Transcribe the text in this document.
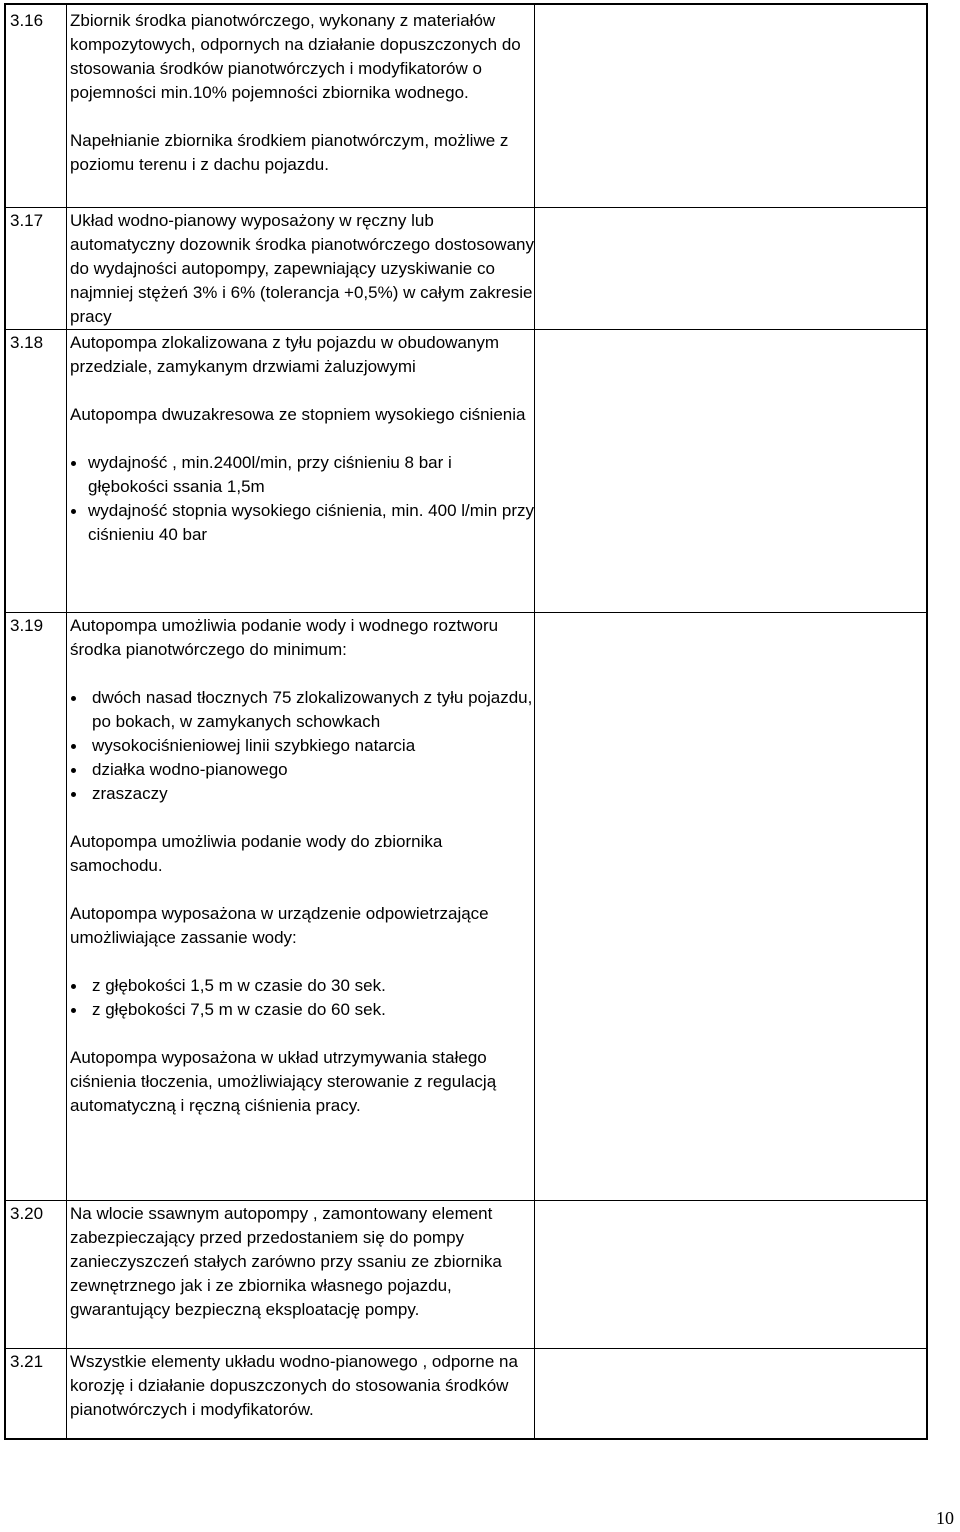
3.16 Zbiornik środka pianotwórczego, wykonany z materiałów kompozytowych, odpornych na działanie dopuszczonych do stosowania środków pianotwórczych i modyfikatorów o pojemności min.10% pojemności zbiornika wodnego.

Napełnianie zbiornika środkiem pianotwórczym, możliwe z poziomu terenu i z dachu pojazdu.

3.17 Układ wodno-pianowy wyposażony w ręczny lub automatyczny dozownik środka pianotwórczego dostosowany do wydajności autopompy, zapewniający uzyskiwanie co najmniej stężeń 3% i 6% (tolerancja +0,5%) w całym zakresie pracy

3.18 Autopompa zlokalizowana z tyłu pojazdu w obudowanym przedziale, zamykanym drzwiami żaluzjowymi

Autopompa dwuzakresowa ze stopniem wysokiego ciśnienia

wydajność , min.2400l/min, przy ciśnieniu 8 bar i głębokości ssania 1,5m
wydajność stopnia wysokiego ciśnienia, min. 400 l/min przy ciśnieniu 40 bar
3.19 Autopompa umożliwia podanie wody i wodnego roztworu środka pianotwórczego do minimum:

dwóch nasad tłocznych 75 zlokalizowanych z tyłu pojazdu, po bokach, w zamykanych schowkach
wysokociśnieniowej linii szybkiego natarcia
działka wodno-pianowego
zraszaczy

Autopompa umożliwia podanie wody do zbiornika samochodu.

Autopompa wyposażona w urządzenie odpowietrzające umożliwiające zassanie wody:

z głębokości 1,5 m w czasie do 30 sek.
z głębokości 7,5 m w czasie do 60 sek.

Autopompa wyposażona w układ utrzymywania stałego ciśnienia tłoczenia, umożliwiający sterowanie z regulacją automatyczną i ręczną ciśnienia pracy.

3.20 Na wlocie ssawnym autopompy , zamontowany element zabezpieczający przed przedostaniem się do pompy zanieczyszczeń stałych zarówno przy ssaniu ze zbiornika zewnętrznego jak i ze zbiornika własnego pojazdu, gwarantujący bezpieczną eksploatację pompy.

3.21 Wszystkie elementy układu wodno-pianowego , odporne na korozję i działanie dopuszczonych do stosowania środków pianotwórczych i modyfikatorów.

10
